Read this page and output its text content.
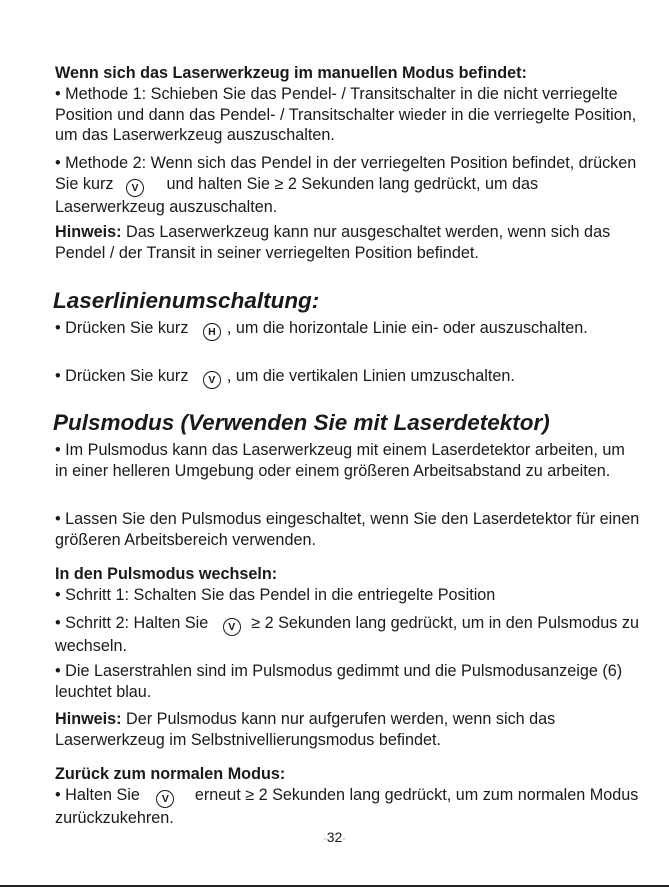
Wenn sich das Laserwerkzeug im manuellen Modus befindet:
• Methode 1: Schieben Sie das Pendel- / Transitschalter in die nicht verriegelte Position und dann das Pendel- / Transitschalter wieder in die verriegelte Position, um das Laserwerkzeug auszuschalten.
• Methode 2: Wenn sich das Pendel in der verriegelten Position befindet, drücken Sie kurz V und halten Sie ≥ 2 Sekunden lang gedrückt, um das Laserwerkzeug auszuschalten.
Hinweis: Das Laserwerkzeug kann nur ausgeschaltet werden, wenn sich das Pendel / der Transit in seiner verriegelten Position befindet.
Laserlinienumschaltung:
• Drücken Sie kurz H , um die horizontale Linie ein- oder auszuschalten.
• Drücken Sie kurz V , um die vertikalen Linien umzuschalten.
Pulsmodus (Verwenden Sie mit Laserdetektor)
• Im Pulsmodus kann das Laserwerkzeug mit einem Laserdetektor arbeiten, um in einer helleren Umgebung oder einem größeren Arbeitsabstand zu arbeiten.
• Lassen Sie den Pulsmodus eingeschaltet, wenn Sie den Laserdetektor für einen größeren Arbeitsbereich verwenden.
In den Pulsmodus wechseln:
• Schritt 1: Schalten Sie das Pendel in die entriegelte Position
• Schritt 2: Halten Sie V ≥ 2 Sekunden lang gedrückt, um in den Pulsmodus zu wechseln.
• Die Laserstrahlen sind im Pulsmodus gedimmt und die Pulsmodusanzeige (6) leuchtet blau.
Hinweis: Der Pulsmodus kann nur aufgerufen werden, wenn sich das Laserwerkzeug im Selbstnivellierungsmodus befindet.
Zurück zum normalen Modus:
• Halten Sie V erneut ≥ 2 Sekunden lang gedrückt, um zum normalen Modus zurückzukehren.
-32-
